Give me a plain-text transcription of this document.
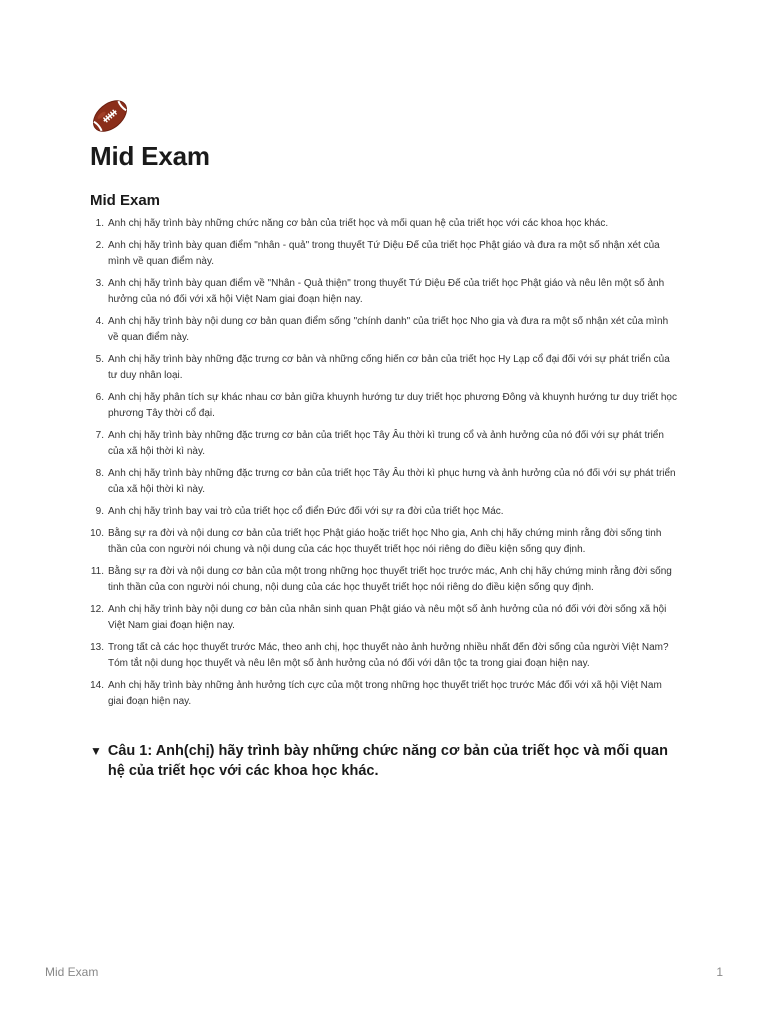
Mid Exam
Mid Exam
1. Anh chị hãy trình bày những chức năng cơ bản của triết học và mối quan hệ của triết học với các khoa học khác.
2. Anh chị hãy trình bày quan điểm "nhân - quả" trong thuyết Tứ Diệu Đế của triết học Phật giáo và đưa ra một số nhận xét của mình về quan điểm này.
3. Anh chị hãy trình bày quan điểm về "Nhân - Quả thiện" trong thuyết Tứ Diệu Đế của triết học Phật giáo và nêu lên một số ảnh hưởng của nó đối với xã hội Việt Nam giai đoạn hiện nay.
4. Anh chị hãy trình bày nội dung cơ bản quan điểm sống "chính danh" của triết học Nho gia và đưa ra một số nhận xét của mình về quan điểm này.
5. Anh chị hãy trình bày những đặc trưng cơ bản và những cống hiến cơ bản của triết học Hy Lạp cổ đại đối với sự phát triển của tư duy nhân loại.
6. Anh chị hãy phân tích sự khác nhau cơ bản giữa khuynh hướng tư duy triết học phương Đông và khuynh hướng tư duy triết học phương Tây thời cổ đại.
7. Anh chị hãy trình bày những đặc trưng cơ bản của triết học Tây Âu thời kì trung cổ và ảnh hưởng của nó đối với sự phát triển của xã hội thời kì này.
8. Anh chị hãy trình bày những đặc trưng cơ bản của triết học Tây Âu thời kì phục hưng và ảnh hưởng của nó đối với sự phát triển của xã hội thời kì này.
9. Anh chị hãy trình bay vai trò của triết học cổ điển Đức đối với sự ra đời của triết học Mác.
10. Bằng sự ra đời và nội dung cơ bản của triết học Phật giáo hoặc triết học Nho gia, Anh chị hãy chứng minh rằng đời sống tinh thần của con người nói chung và nội dung của các học thuyết triết học nói riêng do điều kiện sống quy định.
11. Bằng sự ra đời và nội dung cơ bản của một trong những học thuyết triết học trước mác, Anh chị hãy chứng minh rằng đời sống tinh thần của con người nói chung, nội dung của các học thuyết triết học nói riêng do điều kiện sống quy định.
12. Anh chị hãy trình bày nội dung cơ bản của nhân sinh quan Phật giáo và nêu một số ảnh hưởng của nó đối với đời sống xã hội Việt Nam giai đoạn hiện nay.
13. Trong tất cả các học thuyết trước Mác, theo anh chị, học thuyết nào ảnh hưởng nhiều nhất đến đời sống của người Việt Nam? Tóm tắt nội dung học thuyết và nêu lên một số ảnh hưởng của nó đối với dân tộc ta trong giai đoạn hiện nay.
14. Anh chị hãy trình bày những ảnh hưởng tích cực của một trong những học thuyết triết học trước Mác đối với xã hội Việt Nam giai đoạn hiện nay.
▼ Câu 1: Anh(chị) hãy trình bày những chức năng cơ bản của triết học và mối quan hệ của triết học với các khoa học khác.
Mid Exam	1
